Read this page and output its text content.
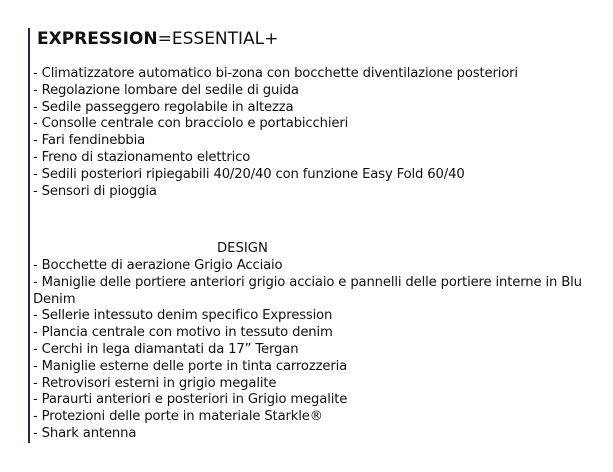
EXPRESSION=ESSENTIAL+
- Climatizzatore automatico bi-zona con bocchette diventilazione posteriori
- Regolazione lombare del sedile di guida
- Sedile passeggero regolabile in altezza
- Consolle centrale con bracciolo e portabicchieri
- Fari fendinebbia
- Freno di stazionamento elettrico
- Sedili posteriori ripiegabili 40/20/40 con funzione Easy Fold 60/40
- Sensori di pioggia
DESIGN
- Bocchette di aerazione Grigio Acciaio
- Maniglie delle portiere anteriori grigio acciaio e pannelli delle portiere interne in Blu Denim
- Sellerie intessuto denim specifico Expression
- Plancia centrale con motivo in tessuto denim
- Cerchi in lega diamantati da 17” Tergan
- Maniglie esterne delle porte in tinta carrozzeria
- Retrovisori esterni in grigio megalite
- Paraurti anteriori e posteriori in Grigio megalite
- Protezioni delle porte in materiale Starkle®
- Shark antenna
